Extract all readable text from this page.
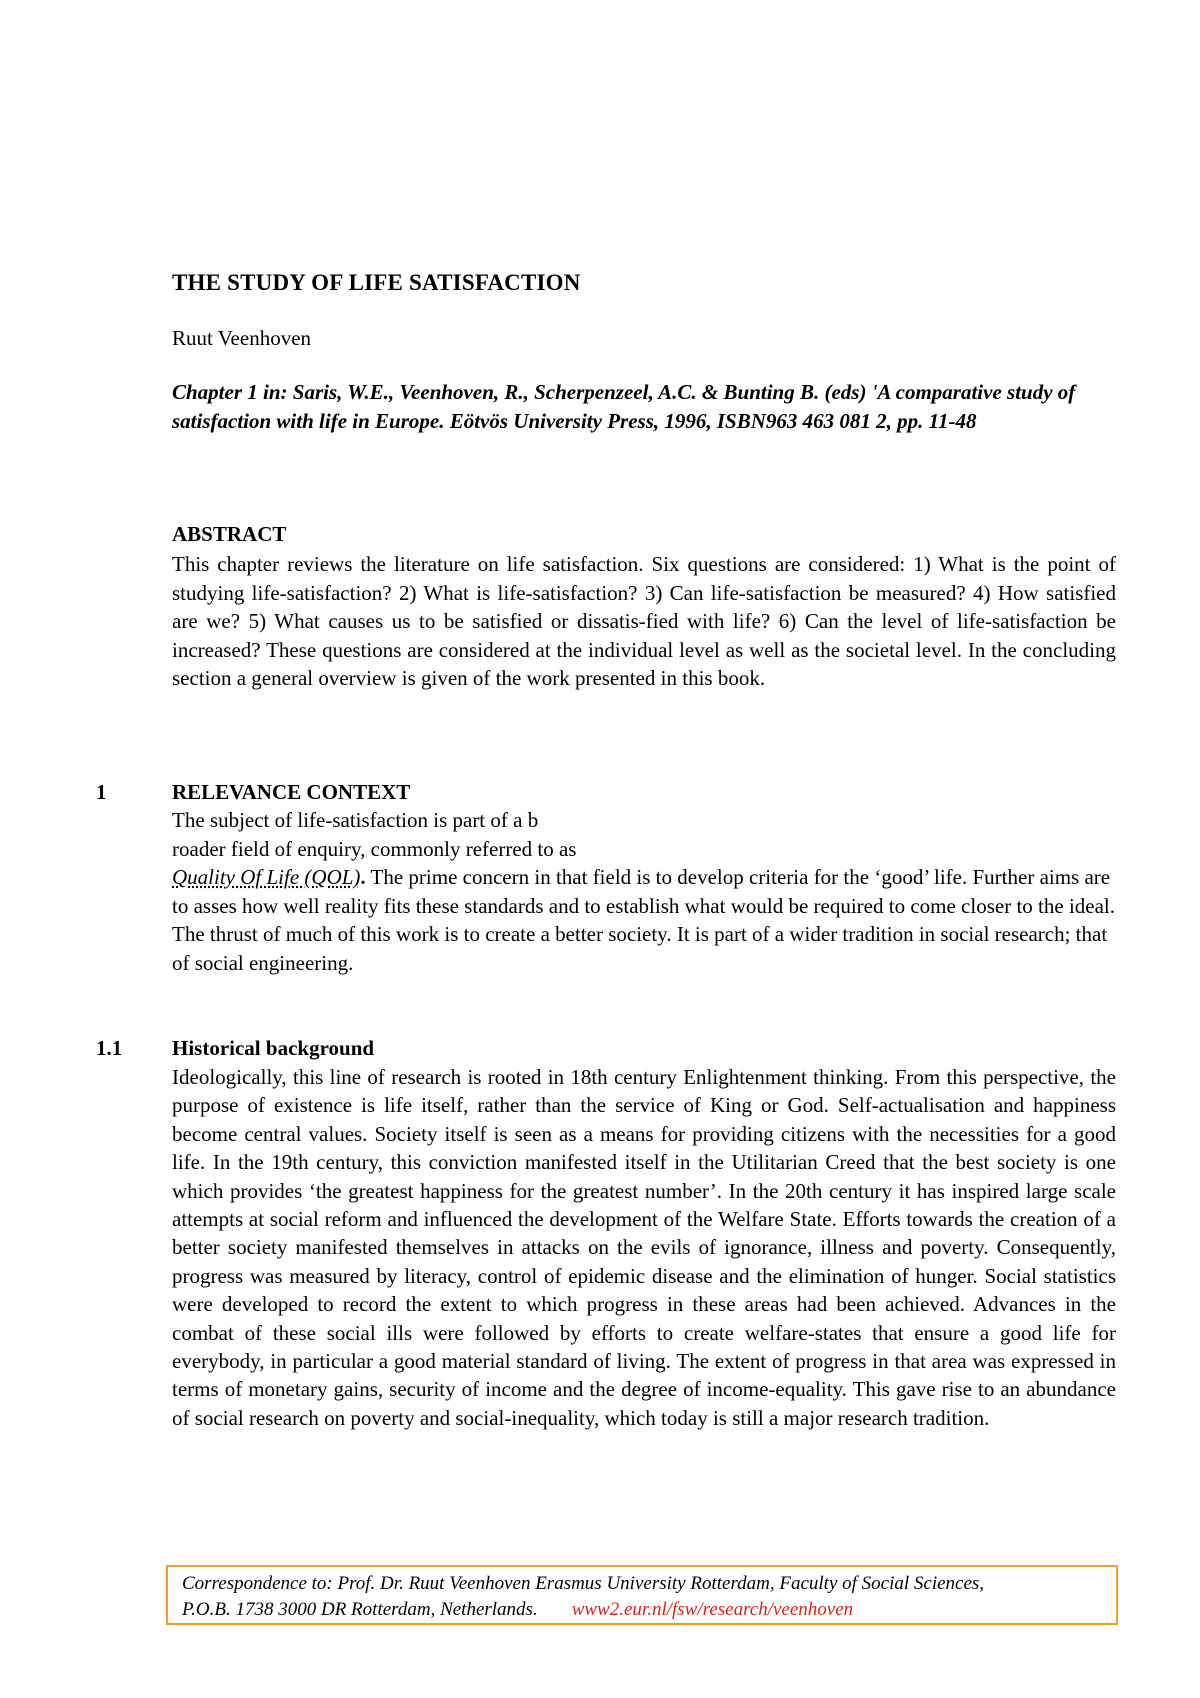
THE STUDY OF LIFE SATISFACTION

Ruut Veenhoven

Chapter 1 in: Saris, W.E., Veenhoven, R., Scherpenzeel, A.C. & Bunting B. (eds) 'A comparative study of satisfaction with life in Europe. Eötvös University Press, 1996, ISBN963 463 081 2, pp. 11-48

ABSTRACT

This chapter reviews the literature on life satisfaction. Six questions are considered: 1) What is the point of studying life-satisfaction? 2) What is life-satisfaction? 3) Can life-satisfaction be measured? 4) How satisfied are we? 5) What causes us to be satisfied or dissatis-fied with life? 6) Can the level of life-satisfaction be increased? These questions are considered at the individual level as well as the societal level. In the concluding section a general overview is given of the work presented in this book.

1	RELEVANCE CONTEXT

The subject of life-satisfaction is part of a b
roader field of enquiry, commonly referred to as
Quality Of Life (QOL). The prime concern in that field is to develop criteria for the ‘good’ life. Further aims are to asses how well reality fits these standards and to establish what would be required to come closer to the ideal. The thrust of much of this work is to create a better society. It is part of a wider tradition in social research; that of social engineering.

1.1 Historical background

Ideologically, this line of research is rooted in 18th century Enlightenment thinking. From this perspective, the purpose of existence is life itself, rather than the service of King or God. Self-actualisation and happiness become central values. Society itself is seen as a means for providing citizens with the necessities for a good life. In the 19th century, this conviction manifested itself in the Utilitarian Creed that the best society is one which provides ‘the greatest happiness for the greatest number’. In the 20th century it has inspired large scale attempts at social reform and influenced the development of the Welfare State. Efforts towards the creation of a better society manifested themselves in attacks on the evils of ignorance, illness and poverty. Consequently, progress was measured by literacy, control of epidemic disease and the elimination of hunger. Social statistics were developed to record the extent to which progress in these areas had been achieved. Advances in the combat of these social ills were followed by efforts to create welfare-states that ensure a good life for everybody, in particular a good material standard of living. The extent of progress in that area was expressed in terms of monetary gains, security of income and the degree of income-equality. This gave rise to an abundance of social research on poverty and social-inequality, which today is still a major research tradition.

Correspondence to: Prof. Dr. Ruut Veenhoven Erasmus University Rotterdam, Faculty of Social Sciences,
P.O.B. 1738 3000 DR Rotterdam, Netherlands. www2.eur.nl/fsw/research/veenhoven
